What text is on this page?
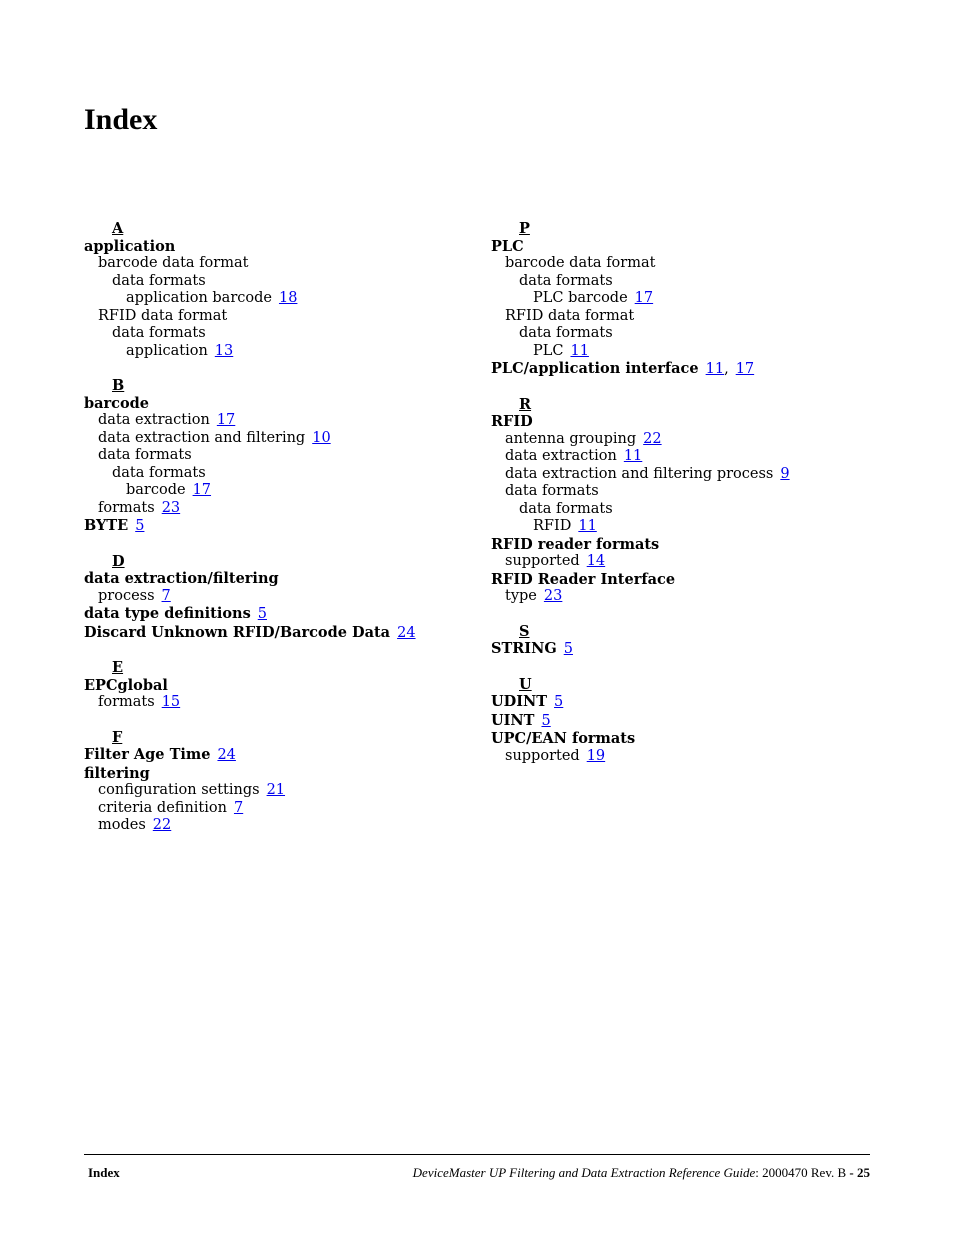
Index
A
application
barcode data format
data formats
application barcode 18
RFID data format
data formats
application 13
B
barcode
data extraction 17
data extraction and filtering 10
data formats
data formats
barcode 17
formats 23
BYTE 5
D
data extraction/filtering
process 7
data type definitions 5
Discard Unknown RFID/Barcode Data 24
E
EPCglobal
formats 15
F
Filter Age Time 24
filtering
configuration settings 21
criteria definition 7
modes 22
P
PLC
barcode data format
data formats
PLC barcode 17
RFID data format
data formats
PLC 11
PLC/application interface 11, 17
R
RFID
antenna grouping 22
data extraction 11
data extraction and filtering process 9
data formats
data formats
RFID 11
RFID reader formats
supported 14
RFID Reader Interface
type 23
S
STRING 5
U
UDINT 5
UINT 5
UPC/EAN formats
supported 19
Index	DeviceMaster UP Filtering and Data Extraction Reference Guide: 2000470 Rev. B - 25
